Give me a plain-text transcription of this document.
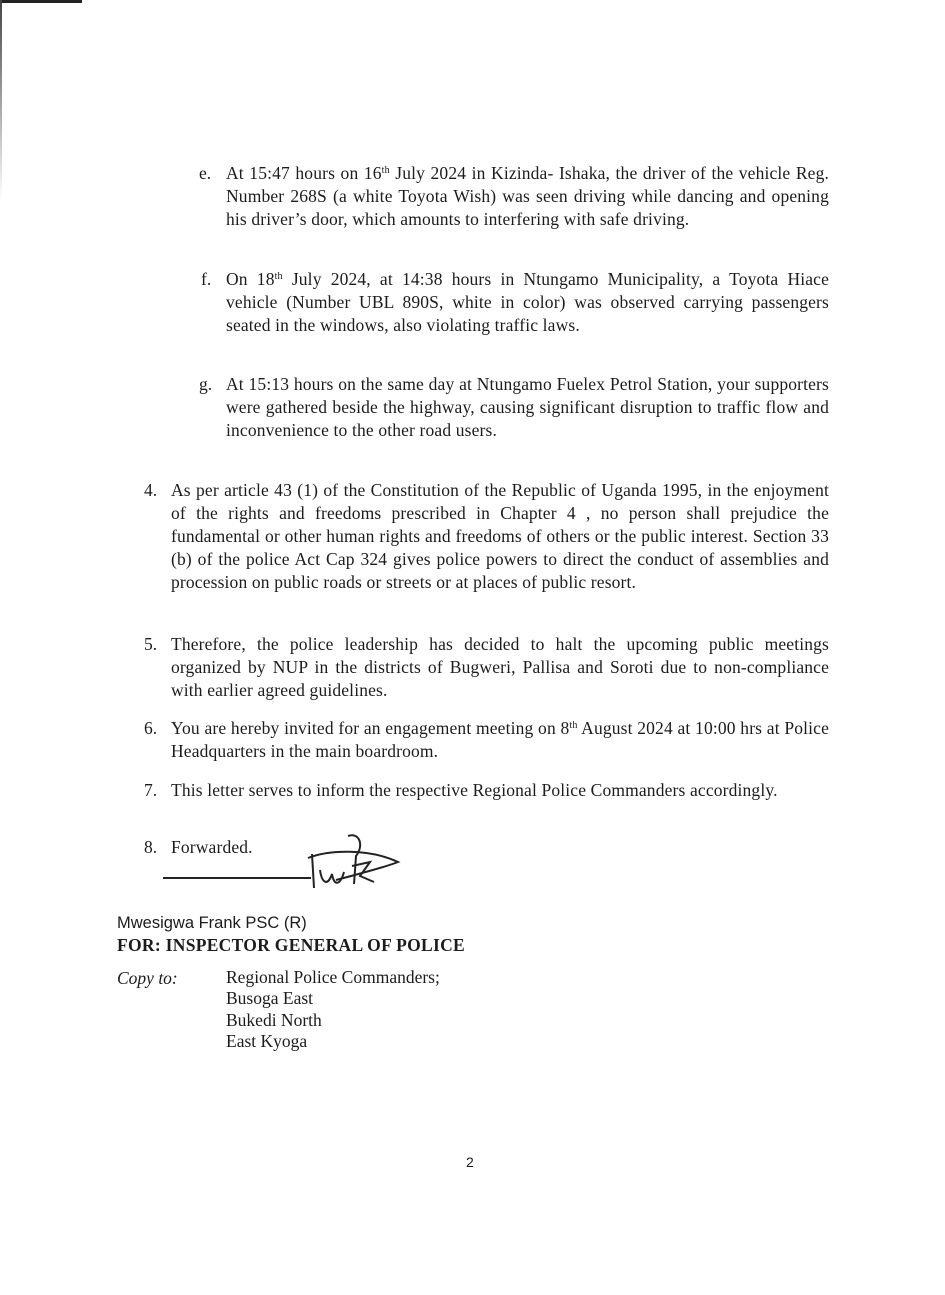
e. At 15:47 hours on 16th July 2024 in Kizinda- Ishaka, the driver of the vehicle Reg. Number 268S (a white Toyota Wish) was seen driving while dancing and opening his driver’s door, which amounts to interfering with safe driving.

f. On 18th July 2024, at 14:38 hours in Ntungamo Municipality, a Toyota Hiace vehicle (Number UBL 890S, white in color) was observed carrying passengers seated in the windows, also violating traffic laws.

g. At 15:13 hours on the same day at Ntungamo Fuelex Petrol Station, your supporters were gathered beside the highway, causing significant disruption to traffic flow and inconvenience to the other road users.

4. As per article 43 (1) of the Constitution of the Republic of Uganda 1995, in the enjoyment of the rights and freedoms prescribed in Chapter 4 , no person shall prejudice the fundamental or other human rights and freedoms of others or the public interest. Section 33 (b) of the police Act Cap 324 gives police powers to direct the conduct of assemblies and procession on public roads or streets or at places of public resort.

5. Therefore, the police leadership has decided to halt the upcoming public meetings organized by NUP in the districts of Bugweri, Pallisa and Soroti due to non-compliance with earlier agreed guidelines.

6. You are hereby invited for an engagement meeting on 8th August 2024 at 10:00 hrs at Police Headquarters in the main boardroom.

7. This letter serves to inform the respective Regional Police Commanders accordingly.

8. Forwarded.

Mwesigwa Frank PSC (R)

FOR: INSPECTOR GENERAL OF POLICE

Copy to:	Regional Police Commanders;
Busoga East
Bukedi North
East Kyoga

2
